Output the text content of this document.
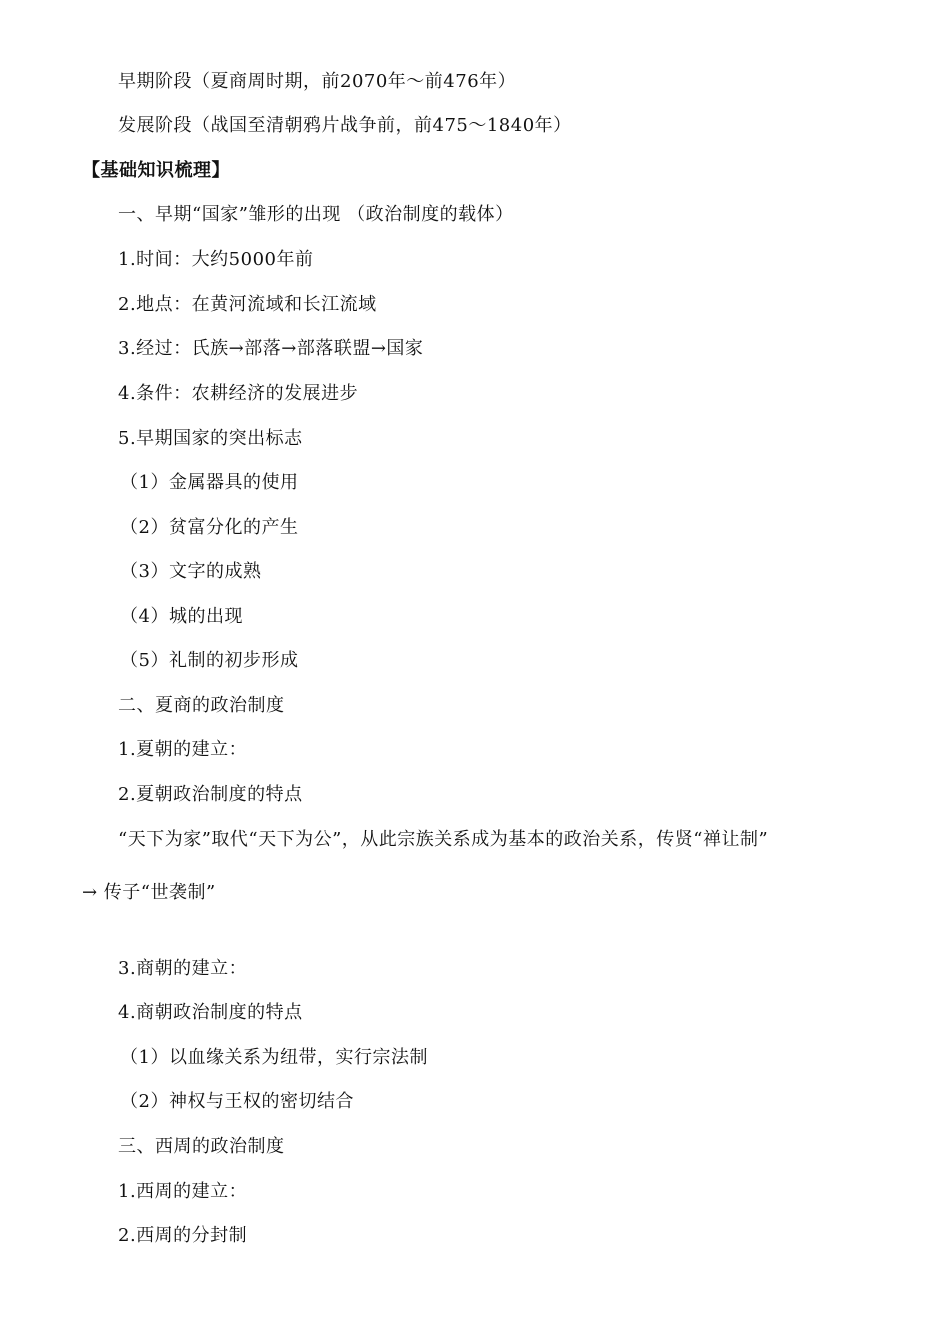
早期阶段（夏商周时期，前2070年～前476年）
发展阶段（战国至清朝鸦片战争前，前475～1840年）
【基础知识梳理】
一、早期“国家”雏形的出现 （政治制度的载体）
1.时间：大约5000年前
2.地点：在黄河流域和长江流域
3.经过：氏族→部落→部落联盟→国家
4.条件：农耕经济的发展进步
5.早期国家的突出标志
（1）金属器具的使用
（2）贫富分化的产生
（3）文字的成熟
（4）城的出现
（5）礼制的初步形成
二、夏商的政治制度
1.夏朝的建立：
2.夏朝政治制度的特点
“天下为家”取代“天下为公”，从此宗族关系成为基本的政治关系，传贤“禅让制”
→ 传子“世袭制”
3.商朝的建立：
4.商朝政治制度的特点
（1）以血缘关系为纽带，实行宗法制
（2）神权与王权的密切结合
三、西周的政治制度
1.西周的建立：
2.西周的分封制
